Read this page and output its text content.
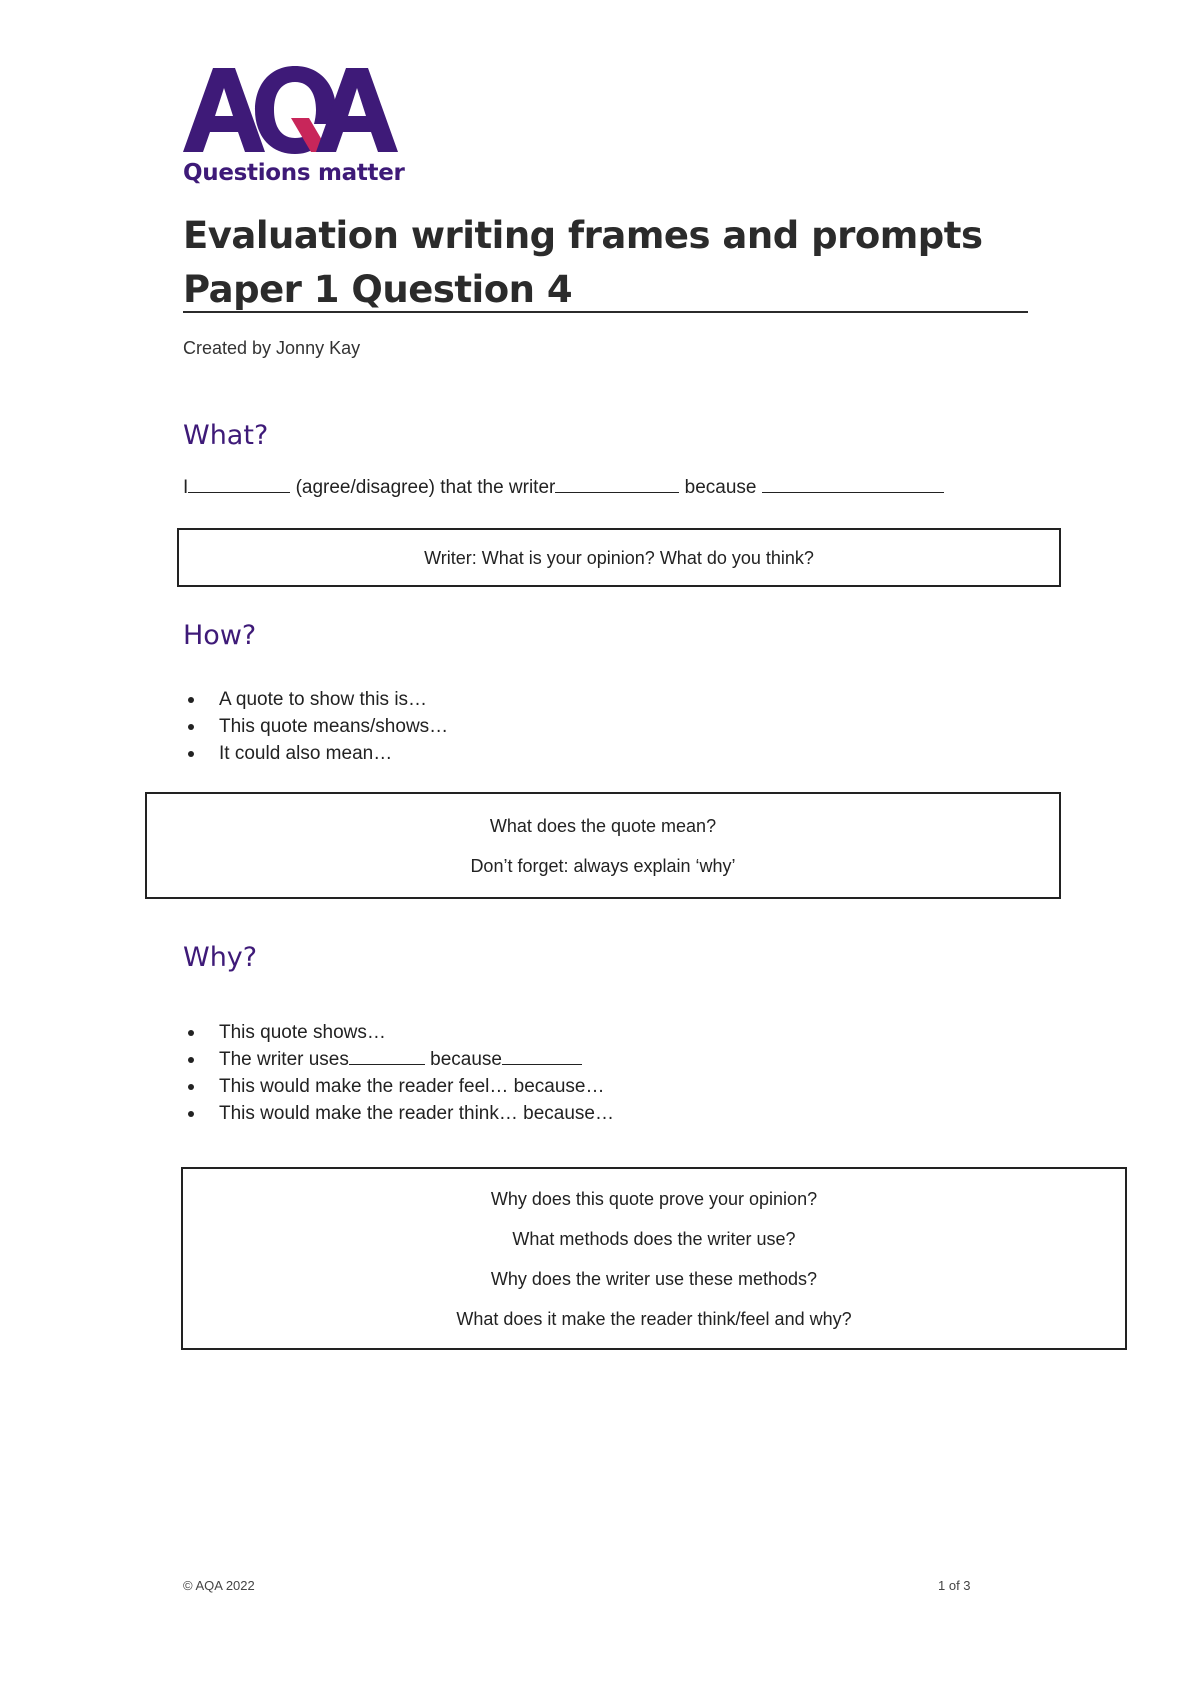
Questions matter
Evaluation writing frames and prompts
Paper 1 Question 4
Created by Jonny Kay
What?
I	(agree/disagree) that the writer	because

Writer: What is your opinion? What do you think?

How?
A quote to show this is…
This quote means/shows…
It could also mean…

What does the quote mean?

Don’t forget: always explain ‘why’

Why?
This quote shows…
The writer uses	because
This would make the reader feel… because…
This would make the reader think… because…

Why does this quote prove your opinion?

What methods does the writer use?

Why does the writer use these methods?

What does it make the reader think/feel and why?

© AQA 2022	1 of 3
